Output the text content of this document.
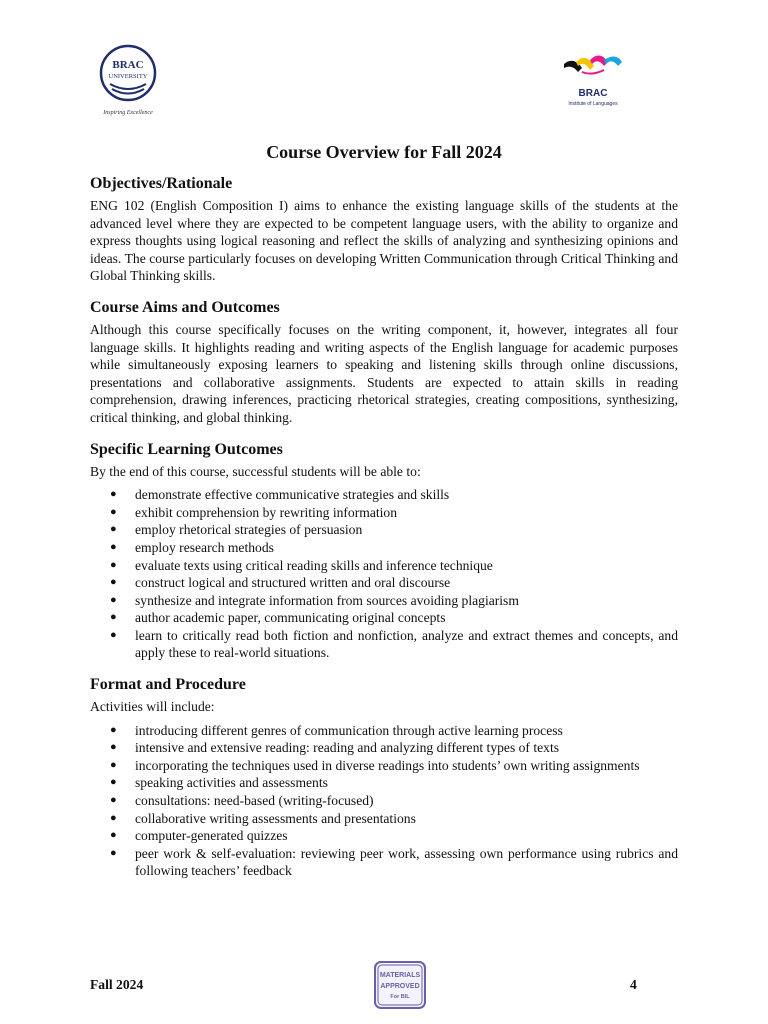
BRAC
UNIVERSITY
Inspiring Excellence
BRAC
Institute of Languages
Course Overview for Fall 2024
Objectives/Rationale

ENG 102 (English Composition I) aims to enhance the existing language skills of the students at the advanced level where they are expected to be competent language users, with the ability to organize and express thoughts using logical reasoning and reflect the skills of analyzing and synthesizing opinions and ideas. The course particularly focuses on developing Written Communication through Critical Thinking and Global Thinking skills.

Course Aims and Outcomes

Although this course specifically focuses on the writing component, it, however, integrates all four language skills. It highlights reading and writing aspects of the English language for academic purposes while simultaneously exposing learners to speaking and listening skills through online discussions, presentations and collaborative assignments. Students are expected to attain skills in reading comprehension, drawing inferences, practicing rhetorical strategies, creating compositions, synthesizing, critical thinking, and global thinking.

Specific Learning Outcomes

By the end of this course, successful students will be able to:

● demonstrate effective communicative strategies and skills
● exhibit comprehension by rewriting information
● employ rhetorical strategies of persuasion
● employ research methods
● evaluate texts using critical reading skills and inference technique
● construct logical and structured written and oral discourse
● synthesize and integrate information from sources avoiding plagiarism
● author academic paper, communicating original concepts
● learn to critically read both fiction and nonfiction, analyze and extract themes and concepts, and apply these to real-world situations.
Format and Procedure

Activities will include:

● introducing different genres of communication through active learning process
● intensive and extensive reading: reading and analyzing different types of texts
● incorporating the techniques used in diverse readings into students’ own writing assignments
● speaking activities and assessments
● consultations: need-based (writing-focused)
● collaborative writing assessments and presentations
● computer-generated quizzes
● peer work & self-evaluation: reviewing peer work, assessing own performance using rubrics and following teachers’ feedback
Fall 2024
MATERIALS
APPROVED
For BIL
4
